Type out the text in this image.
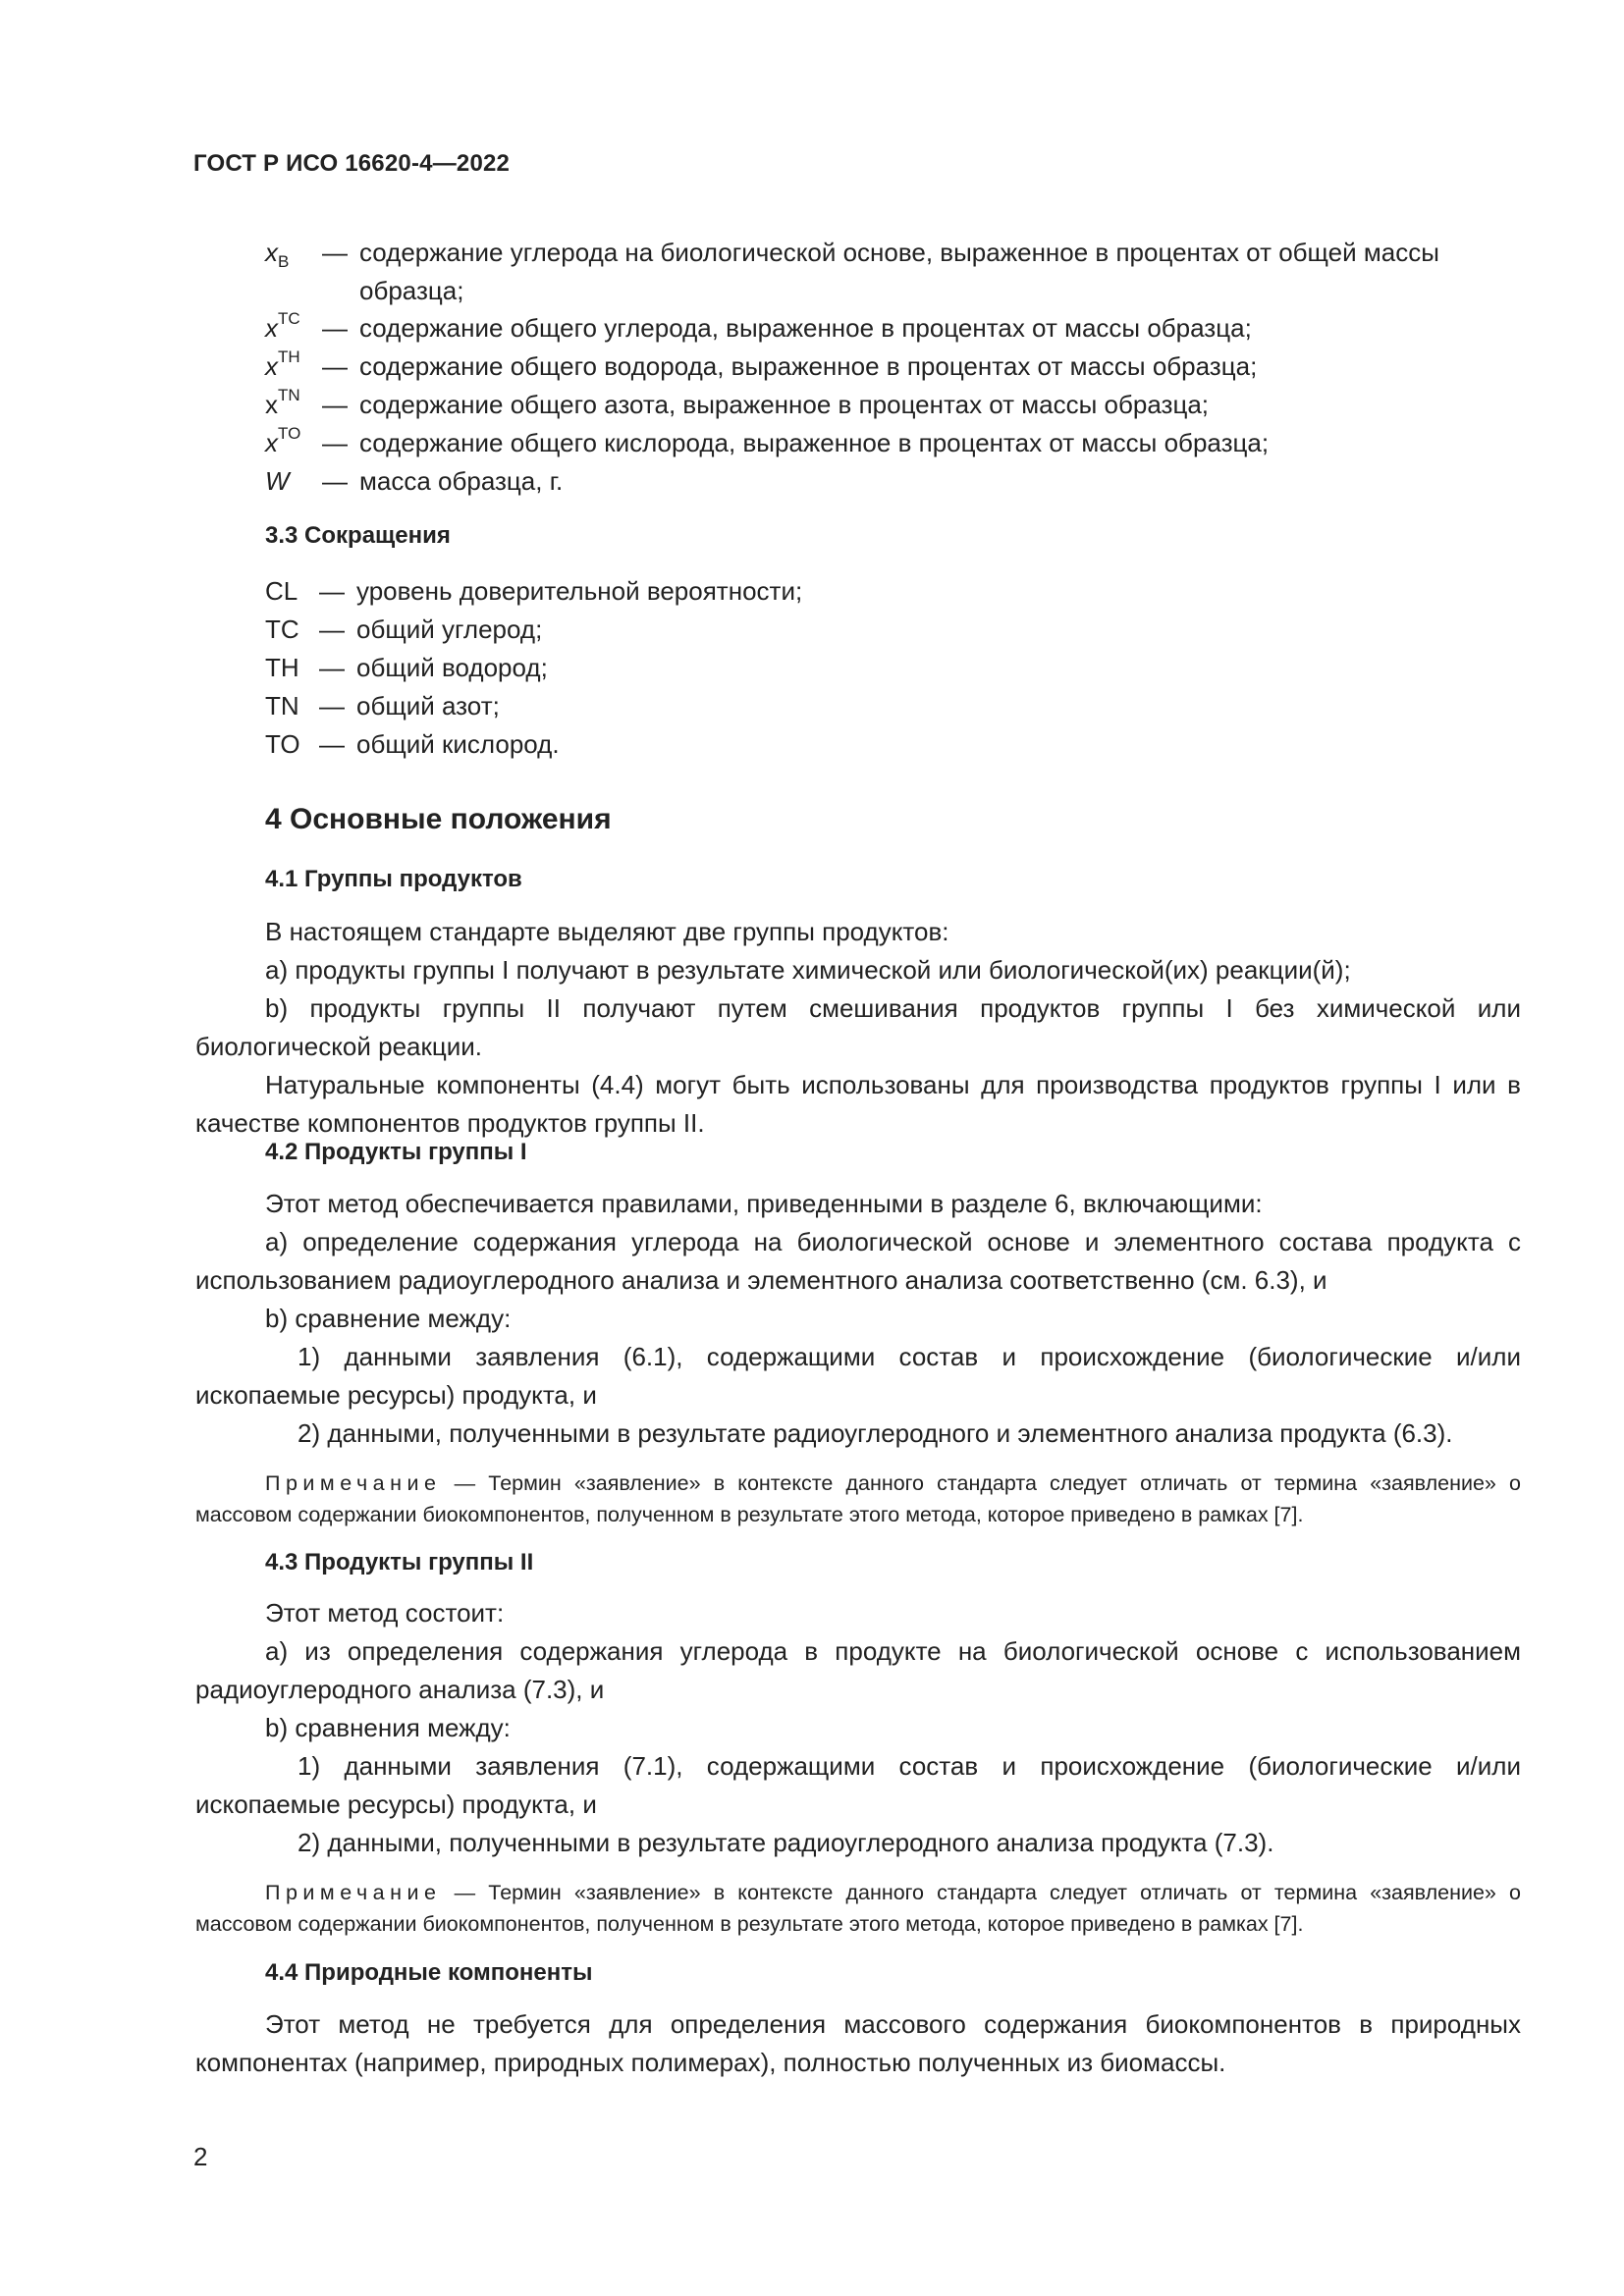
ГОСТ Р ИСО 16620-4—2022
$x_B$	— содержание углерода на биологической основе, выраженное в процентах от общей массы образца;
$x^{TC}$ — содержание общего углерода, выраженное в процентах от массы образца;
$x^{TH}$ — содержание общего водорода, выраженное в процентах от массы образца;
$x^{TN}$ — содержание общего азота, выраженное в процентах от массы образца;
$x^{TO}$ — содержание общего кислорода, выраженное в процентах от массы образца;
W	— масса образца, г.
3.3 Сокращения
CL — уровень доверительной вероятности;
TC — общий углерод;
TH — общий водород;
TN — общий азот;
TO — общий кислород.
4 Основные положения
4.1 Группы продуктов
В настоящем стандарте выделяют две группы продуктов:
a) продукты группы I получают в результате химической или биологической(их) реакции(й);
b) продукты группы II получают путем смешивания продуктов группы I без химической или биологической реакции.
Натуральные компоненты (4.4) могут быть использованы для производства продуктов группы I или в качестве компонентов продуктов группы II.
4.2 Продукты группы I
Этот метод обеспечивается правилами, приведенными в разделе 6, включающими:
a) определение содержания углерода на биологической основе и элементного состава продукта с использованием радиоуглеродного анализа и элементного анализа соответственно (см. 6.3), и
b) сравнение между:
1) данными заявления (6.1), содержащими состав и происхождение (биологические и/или ископаемые ресурсы) продукта, и
2) данными, полученными в результате радиоуглеродного и элементного анализа продукта (6.3).
Примечание — Термин «заявление» в контексте данного стандарта следует отличать от термина «заявление» о массовом содержании биокомпонентов, полученном в результате этого метода, которое приведено в рамках [7].
4.3 Продукты группы II
Этот метод состоит:
a) из определения содержания углерода в продукте на биологической основе с использованием радиоуглеродного анализа (7.3), и
b) сравнения между:
1) данными заявления (7.1), содержащими состав и происхождение (биологические и/или ископаемые ресурсы) продукта, и
2) данными, полученными в результате радиоуглеродного анализа продукта (7.3).
Примечание — Термин «заявление» в контексте данного стандарта следует отличать от термина «заявление» о массовом содержании биокомпонентов, полученном в результате этого метода, которое приведено в рамках [7].
4.4 Природные компоненты
Этот метод не требуется для определения массового содержания биокомпонентов в природных компонентах (например, природных полимерах), полностью полученных из биомассы.
2
